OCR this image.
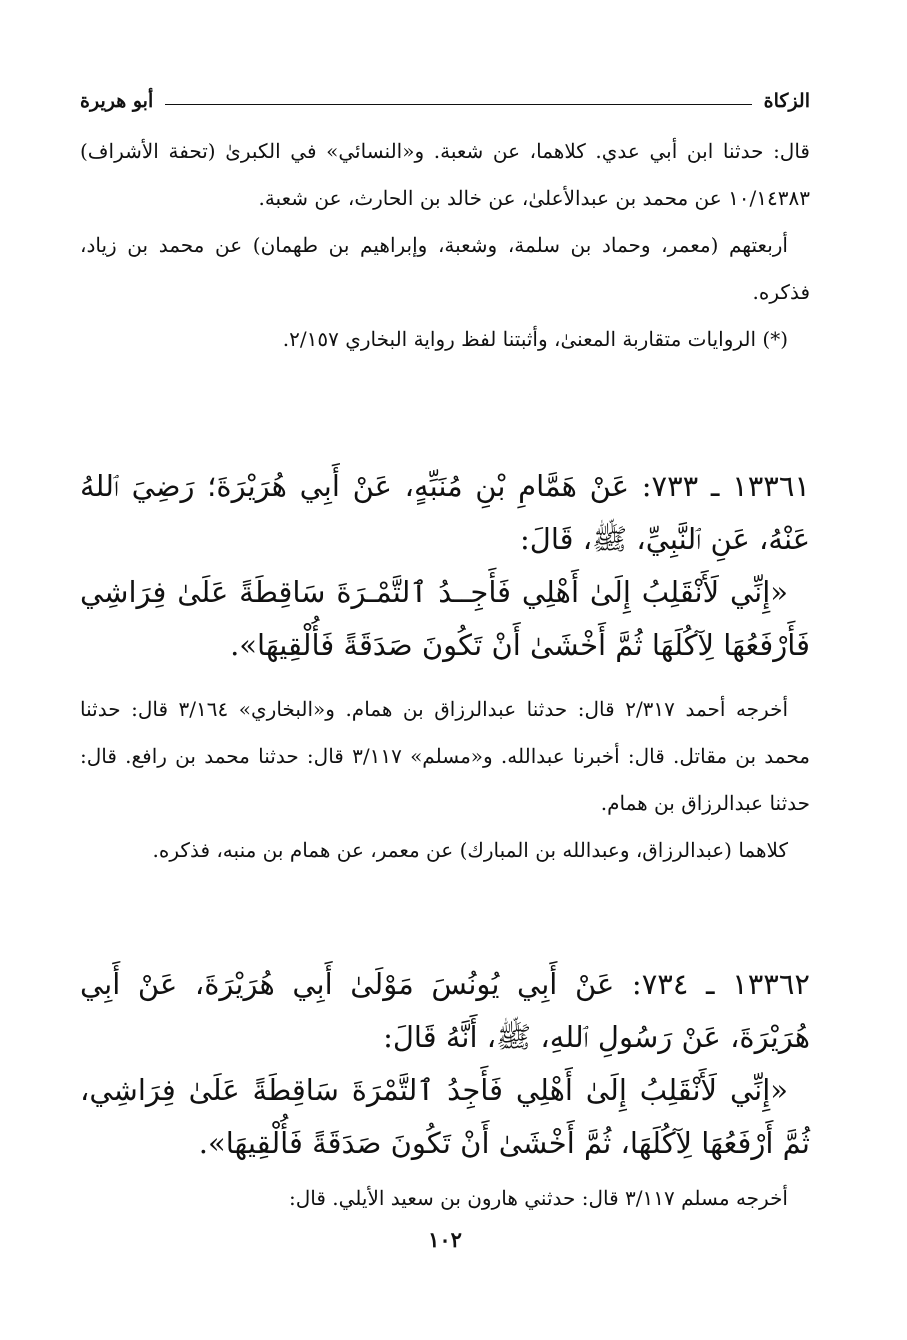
الزكاة
أبو هريرة

قال: حدثنا ابن أبي عدي. كلاهما، عن شعبة. و«النسائي» في الكبرىٰ (تحفة الأشراف) ١٠/١٤٣٨٣ عن محمد بن عبدالأعلىٰ، عن خالد بن الحارث، عن شعبة.

أربعتهم (معمر، وحماد بن سلمة، وشعبة، وإبراهيم بن طهمان) عن محمد بن زياد، فذكره.

(*) الروايات متقاربة المعنىٰ، وأثبتنا لفظ رواية البخاري ٢/١٥٧.

١٣٣٦١ ـ ٧٣٣: عَنْ هَمَّامِ بْنِ مُنَبِّهٍ، عَنْ أَبِي هُرَيْرَةَ؛ رَضِيَ ٱللهُ عَنْهُ، عَنِ ٱلنَّبِيِّ، ﷺ، قَالَ:

«إِنِّي لَأَنْقَلِبُ إِلَىٰ أَهْلِي فَأَجِــدُ ٱلتَّمْـرَةَ سَاقِطَةً عَلَىٰ فِرَاشِي فَأَرْفَعُهَا لِآكُلَهَا ثُمَّ أَخْشَىٰ أَنْ تَكُونَ صَدَقَةً فَأُلْقِيهَا».

أخرجه أحمد ٢/٣١٧ قال: حدثنا عبدالرزاق بن همام. و«البخاري» ٣/١٦٤ قال: حدثنا محمد بن مقاتل. قال: أخبرنا عبدالله. و«مسلم» ٣/١١٧ قال: حدثنا محمد بن رافع. قال: حدثنا عبدالرزاق بن همام.

كلاهما (عبدالرزاق، وعبدالله بن المبارك) عن معمر، عن همام بن منبه، فذكره.

١٣٣٦٢ ـ ٧٣٤: عَنْ أَبِي يُونُسَ مَوْلَىٰ أَبِي هُرَيْرَةَ، عَنْ أَبِي هُرَيْرَةَ، عَنْ رَسُولِ ٱللهِ، ﷺ، أَنَّهُ قَالَ:

«إِنِّي لَأَنْقَلِبُ إِلَىٰ أَهْلِي فَأَجِدُ ٱلتَّمْرَةَ سَاقِطَةً عَلَىٰ فِرَاشِي، ثُمَّ أَرْفَعُهَا لِآكُلَهَا، ثُمَّ أَخْشَىٰ أَنْ تَكُونَ صَدَقَةً فَأُلْقِيهَا».

أخرجه مسلم ٣/١١٧ قال: حدثني هارون بن سعيد الأيلي. قال:

١٠٢
